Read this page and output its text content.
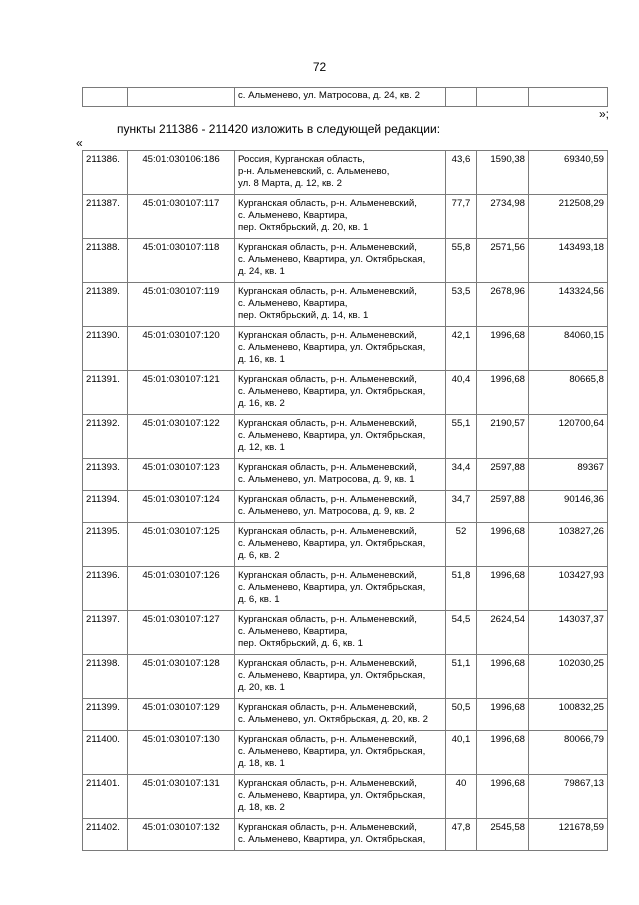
72
		с. Альменево, ул. Матросова, д. 24, кв. 2			
»;
пункты 211386 - 211420 изложить в следующей редакции:
«
211386.	45:01:030106:186	Россия, Курганская область,
р-н. Альменевский, с. Альменево,
ул. 8 Марта, д. 12, кв. 2	43,6	1590,38	69340,59
211387.	45:01:030107:117	Курганская область, р-н. Альменевский,
с. Альменево, Квартира,
пер. Октябрьский, д. 20, кв. 1	77,7	2734,98	212508,29
211388.	45:01:030107:118	Курганская область, р-н. Альменевский,
с. Альменево, Квартира, ул. Октябрьская,
д. 24, кв. 1	55,8	2571,56	143493,18
211389.	45:01:030107:119	Курганская область, р-н. Альменевский,
с. Альменево, Квартира,
пер. Октябрьский, д. 14, кв. 1	53,5	2678,96	143324,56
211390.	45:01:030107:120	Курганская область, р-н. Альменевский,
с. Альменево, Квартира, ул. Октябрьская,
д. 16, кв. 1	42,1	1996,68	84060,15
211391.	45:01:030107:121	Курганская область, р-н. Альменевский,
с. Альменево, Квартира, ул. Октябрьская,
д. 16, кв. 2	40,4	1996,68	80665,8
211392.	45:01:030107:122	Курганская область, р-н. Альменевский,
с. Альменево, Квартира, ул. Октябрьская,
д. 12, кв. 1	55,1	2190,57	120700,64
211393.	45:01:030107:123	Курганская область, р-н. Альменевский,
с. Альменево, ул. Матросова, д. 9, кв. 1	34,4	2597,88	89367
211394.	45:01:030107:124	Курганская область, р-н. Альменевский,
с. Альменево, ул. Матросова, д. 9, кв. 2	34,7	2597,88	90146,36
211395.	45:01:030107:125	Курганская область, р-н. Альменевский,
с. Альменево, Квартира, ул. Октябрьская,
д. 6, кв. 2	52	1996,68	103827,26
211396.	45:01:030107:126	Курганская область, р-н. Альменевский,
с. Альменево, Квартира, ул. Октябрьская,
д. 6, кв. 1	51,8	1996,68	103427,93
211397.	45:01:030107:127	Курганская область, р-н. Альменевский,
с. Альменево, Квартира,
пер. Октябрьский, д. 6, кв. 1	54,5	2624,54	143037,37
211398.	45:01:030107:128	Курганская область, р-н. Альменевский,
с. Альменево, Квартира, ул. Октябрьская,
д. 20, кв. 1	51,1	1996,68	102030,25
211399.	45:01:030107:129	Курганская область, р-н. Альменевский,
с. Альменево, ул. Октябрьская, д. 20, кв. 2	50,5	1996,68	100832,25
211400.	45:01:030107:130	Курганская область, р-н. Альменевский,
с. Альменево, Квартира, ул. Октябрьская,
д. 18, кв. 1	40,1	1996,68	80066,79
211401.	45:01:030107:131	Курганская область, р-н. Альменевский,
с. Альменево, Квартира, ул. Октябрьская,
д. 18, кв. 2	40	1996,68	79867,13
211402.	45:01:030107:132	Курганская область, р-н. Альменевский,
с. Альменево, Квартира, ул. Октябрьская,	47,8	2545,58	121678,59
